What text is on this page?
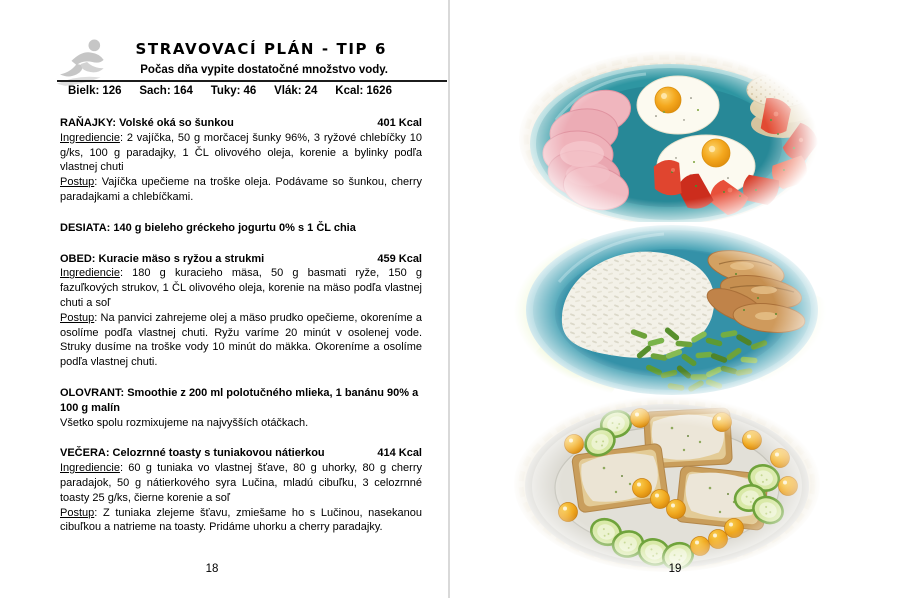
STRAVOVACÍ PLÁN - TIP 6
Počas dňa vypite dostatočné množstvo vody.
Bielk: 126 Sach: 164 Tuky: 46 Vlák: 24 Kcal: 1626
RAŇAJKY: Volské oká so šunkou	401 Kcal

Ingrediencie: 2 vajíčka, 50 g morčacej šunky 96%, 3 ryžové chlebíčky 10 g/ks, 100 g paradajky, 1 ČL olivového oleja, korenie a bylinky podľa vlastnej chuti

Postup: Vajíčka upečieme na troške oleja. Podávame so šunkou, cherry paradajkami a chlebíčkami.

DESIATA: 140 g bieleho gréckeho jogurtu 0% s 1 ČL chia

OBED: Kuracie mäso s ryžou a strukmi	459 Kcal

Ingrediencie: 180 g kuracieho mäsa, 50 g basmati ryže, 150 g fazuľkových strukov, 1 ČL olivového oleja, korenie na mäso podľa vlastnej chuti a soľ

Postup: Na panvici zahrejeme olej a mäso prudko opečieme, okoreníme a osolíme podľa vlastnej chuti. Ryžu varíme 20 minút v osolenej vode. Struky dusíme na troške vody 10 minút do mäkka. Okoreníme a osolíme podľa vlastnej chuti.

OLOVRANT: Smoothie z 200 ml polotučného mlieka, 1 banánu 90% a 100 g malín

Všetko spolu rozmixujeme na najvyšších otáčkach.

VEČERA: Celozrnné toasty s tuniakovou nátierkou	414 Kcal

Ingrediencie: 60 g tuniaka vo vlastnej šťave, 80 g uhorky, 80 g cherry paradajok, 50 g nátierkového syra Lučina, mladú cibuľku, 3 celozrnné toasty 25 g/ks, čierne korenie a soľ

Postup: Z tuniaka zlejeme šťavu, zmiešame ho s Lučinou, nasekanou cibuľkou a natrieme na toasty. Pridáme uhorku a cherry paradajky.

18	19
